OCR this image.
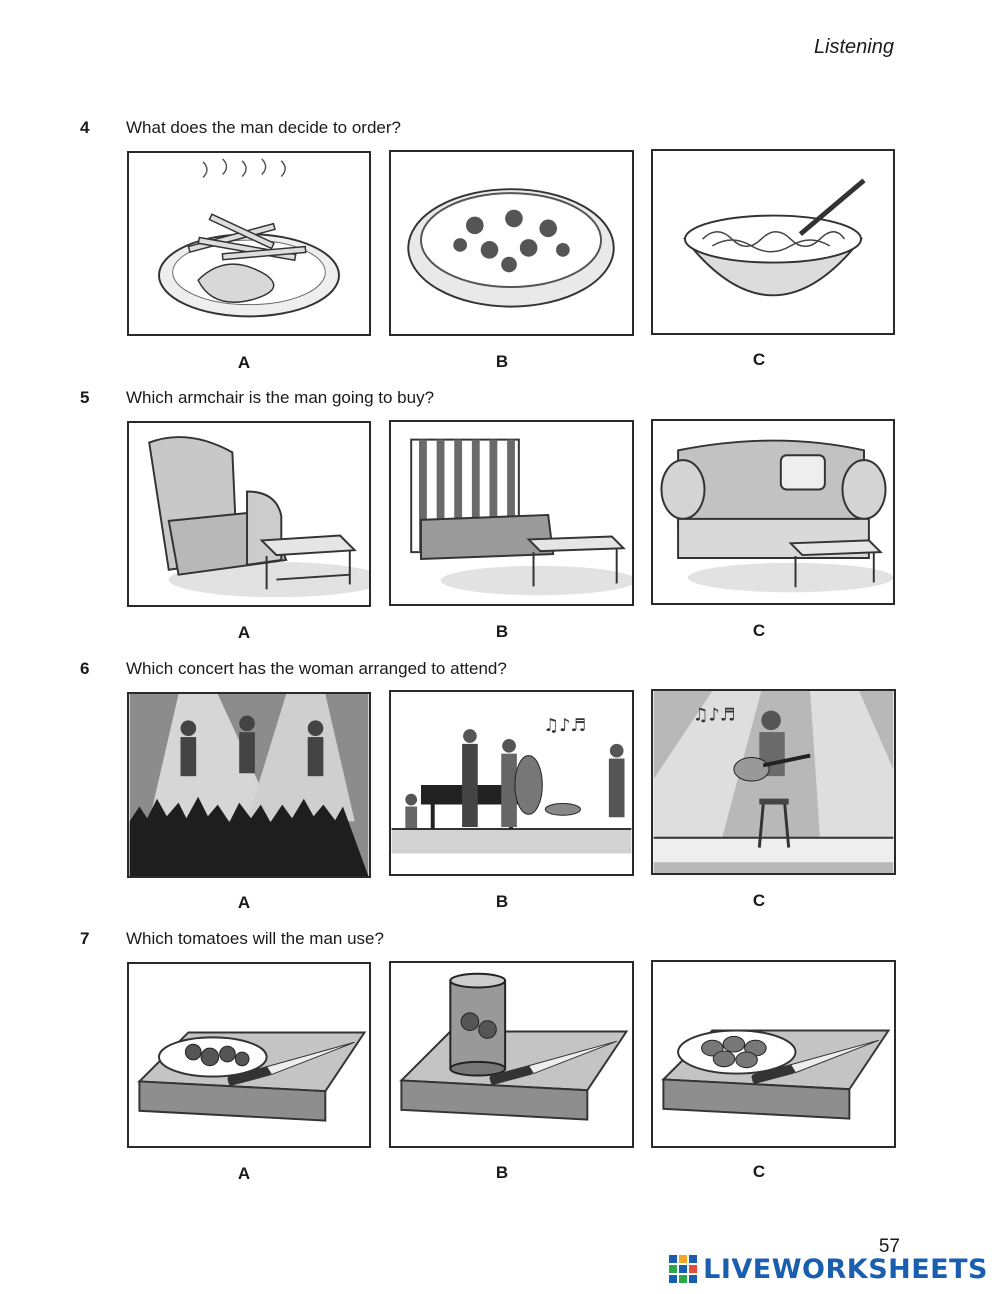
Listening
4 What does the man decide to order?
A	B	C
5 Which armchair is the man going to buy?
A	B	C
6 Which concert has the woman arranged to attend?
♫♪♬
♫♪♬
A	B	C
7 Which tomatoes will the man use?
A	B	C
57
LIVEWORKSHEETS
